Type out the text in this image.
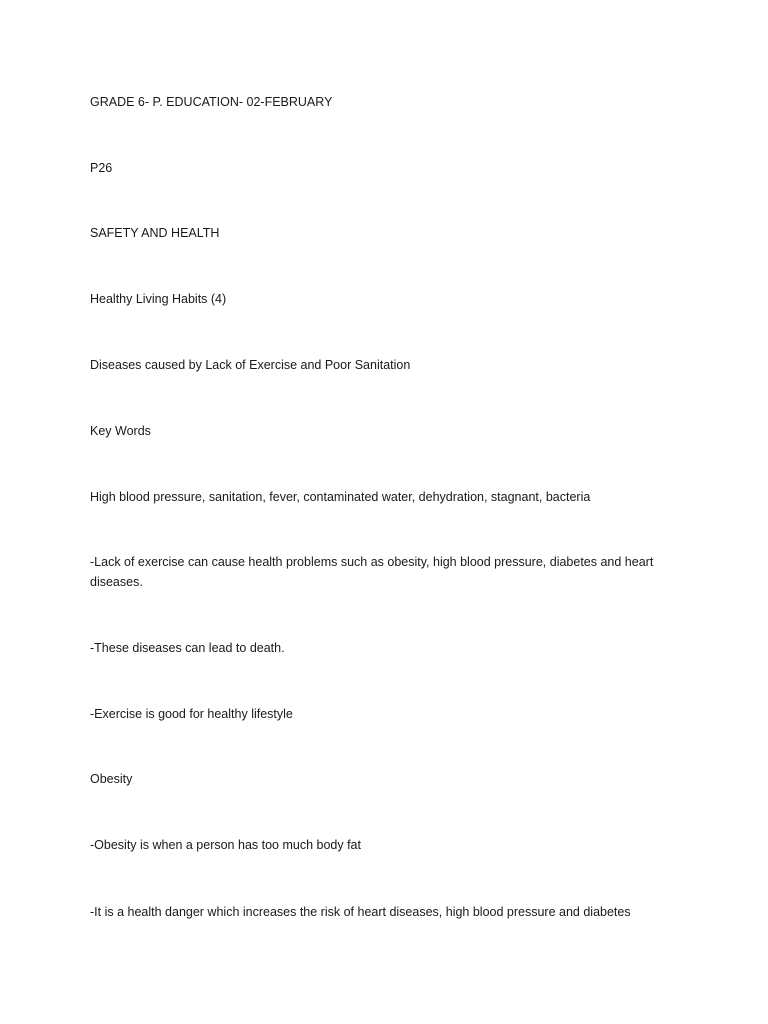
GRADE 6- P. EDUCATION- 02-FEBRUARY

P26

SAFETY AND HEALTH

Healthy Living Habits (4)

Diseases caused by Lack of Exercise and Poor Sanitation

Key Words

High blood pressure, sanitation, fever, contaminated water, dehydration, stagnant, bacteria

-Lack of exercise can cause health problems such as obesity, high blood pressure, diabetes and heart diseases.

-These diseases can lead to death.

-Exercise is good for healthy lifestyle

Obesity

-Obesity is when a person has too much body fat

-It is a health danger which increases the risk of heart diseases, high blood pressure and diabetes
